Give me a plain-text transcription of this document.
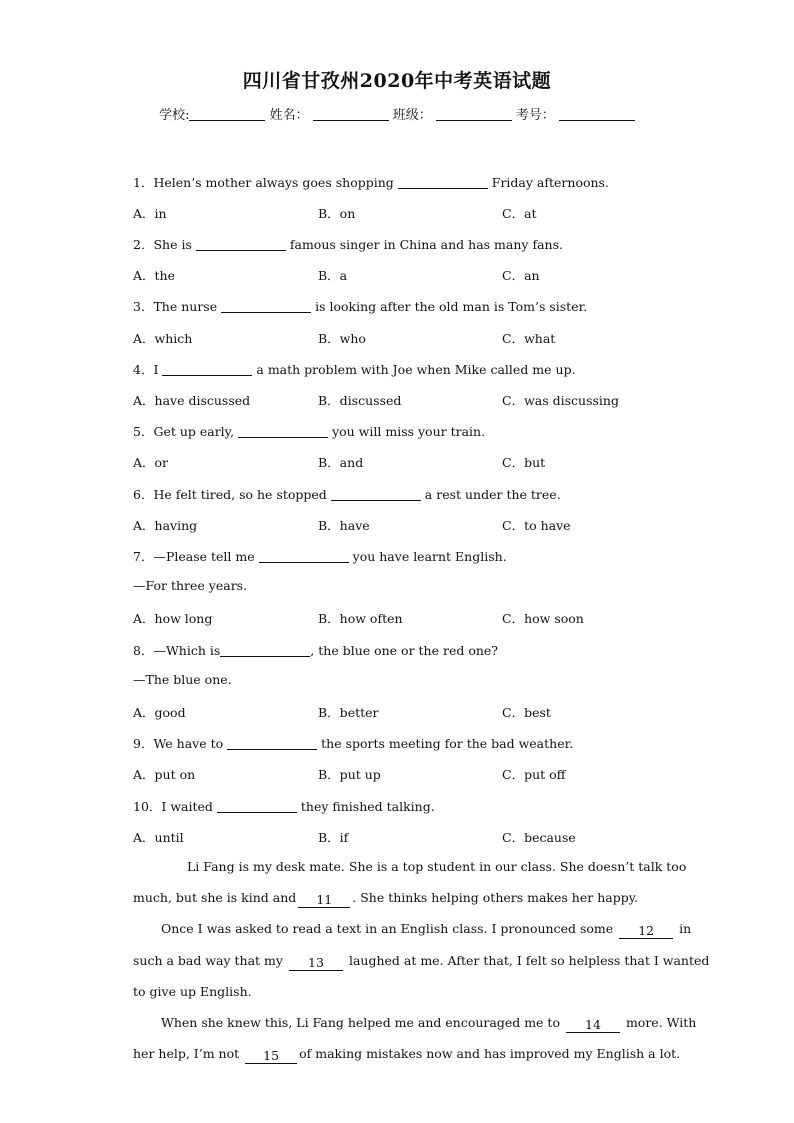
四川省甘孜州2020年中考英语试题
学校:	姓名：	班级：	考号：
1．Helen’s mother always goes shopping	Friday afternoons.
A．in	B．on	C．at
2．She is	famous singer in China and has many fans.
A．the	B．a	C．an
3．The nurse	is looking after the old man is Tom’s sister.
A．which	B．who	C．what
4．I	a math problem with Joe when Mike called me up.
A．have discussed	B．discussed	C．was discussing
5．Get up early,	you will miss your train.
A．or	B．and	C．but
6．He felt tired, so he stopped	a rest under the tree.
A．having	B．have	C．to have
7．—Please tell me	you have learnt English.
—For three years.
A．how long	B．how often	C．how soon
8．—Which is	, the blue one or the red one?
—The blue one.
A．good	B．better	C．best
9．We have to	the sports meeting for the bad weather.
A．put on	B．put up	C．put off
10．I waited	they finished talking.
A．until	B．if	C．because
Li Fang is my desk mate. She is a top student in our class. She doesn’t talk too
much, but she is kind and 11 . She thinks helping others makes her happy.
Once I was asked to read a text in an English class. I pronounced some 12 in
such a bad way that my 13 laughed at me. After that, I felt so helpless that I wanted
to give up English.
When she knew this, Li Fang helped me and encouraged me to 14 more. With
her help, I’m not 15 of making mistakes now and has improved my English a lot.
